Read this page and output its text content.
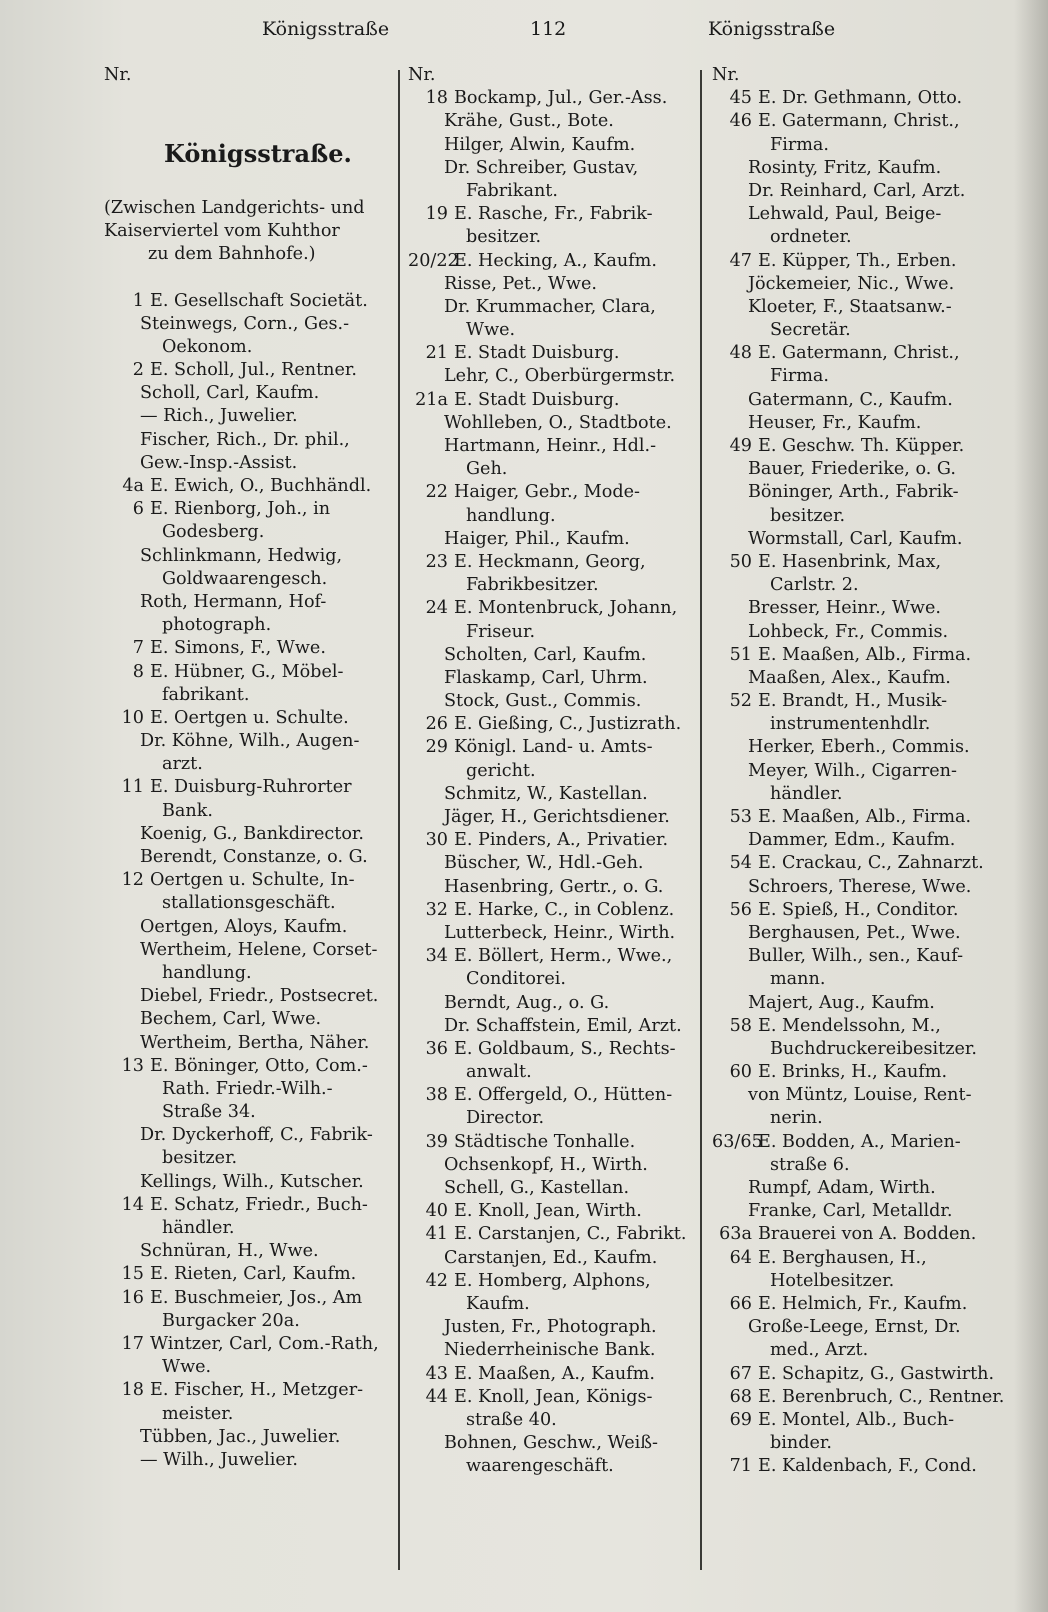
Königsstraße	112	Königsstraße
Nr.
Königsstraße.
(Zwischen Landgerichts- und
Kaiserviertel vom Kuhthor
zu dem Bahnhofe.)
1 E. Gesellschaft Societät.
Steinwegs, Corn., Ges.-
Oekonom.
2 E. Scholl, Jul., Rentner.
Scholl, Carl, Kaufm.
— Rich., Juwelier.
Fischer, Rich., Dr. phil.,
Gew.-Insp.-Assist.
4a E. Ewich, O., Buchhändl.
6 E. Rienborg, Joh., in
Godesberg.
Schlinkmann, Hedwig,
Goldwaarengesch.
Roth, Hermann, Hof-
photograph.
7 E. Simons, F., Wwe.
8 E. Hübner, G., Möbel-
fabrikant.
10 E. Oertgen u. Schulte.
Dr. Köhne, Wilh., Augen-
arzt.
11 E. Duisburg-Ruhrorter
Bank.
Koenig, G., Bankdirector.
Berendt, Constanze, o. G.
12 Oertgen u. Schulte, In-
stallationsgeschäft.
Oertgen, Aloys, Kaufm.
Wertheim, Helene, Corset-
handlung.
Diebel, Friedr., Postsecret.
Bechem, Carl, Wwe.
Wertheim, Bertha, Näher.
13 E. Böninger, Otto, Com.-
Rath. Friedr.-Wilh.-
Straße 34.
Dr. Dyckerhoff, C., Fabrik-
besitzer.
Kellings, Wilh., Kutscher.
14 E. Schatz, Friedr., Buch-
händler.
Schnüran, H., Wwe.
15 E. Rieten, Carl, Kaufm.
16 E. Buschmeier, Jos., Am
Burgacker 20a.
17 Wintzer, Carl, Com.-Rath,
Wwe.
18 E. Fischer, H., Metzger-
meister.
Tübben, Jac., Juwelier.
— Wilh., Juwelier.
Nr.
18 Bockamp, Jul., Ger.-Ass.
Krähe, Gust., Bote.
Hilger, Alwin, Kaufm.
Dr. Schreiber, Gustav,
Fabrikant.
19 E. Rasche, Fr., Fabrik-
besitzer.
20/22E. Hecking, A., Kaufm.
Risse, Pet., Wwe.
Dr. Krummacher, Clara,
Wwe.
21 E. Stadt Duisburg.
Lehr, C., Oberbürgermstr.
21a E. Stadt Duisburg.
Wohlleben, O., Stadtbote.
Hartmann, Heinr., Hdl.-
Geh.
22 Haiger, Gebr., Mode-
handlung.
Haiger, Phil., Kaufm.
23 E. Heckmann, Georg,
Fabrikbesitzer.
24 E. Montenbruck, Johann,
Friseur.
Scholten, Carl, Kaufm.
Flaskamp, Carl, Uhrm.
Stock, Gust., Commis.
26 E. Gießing, C., Justizrath.
29 Königl. Land- u. Amts-
gericht.
Schmitz, W., Kastellan.
Jäger, H., Gerichtsdiener.
30 E. Pinders, A., Privatier.
Büscher, W., Hdl.-Geh.
Hasenbring, Gertr., o. G.
32 E. Harke, C., in Coblenz.
Lutterbeck, Heinr., Wirth.
34 E. Böllert, Herm., Wwe.,
Conditorei.
Berndt, Aug., o. G.
Dr. Schaffstein, Emil, Arzt.
36 E. Goldbaum, S., Rechts-
anwalt.
38 E. Offergeld, O., Hütten-
Director.
39 Städtische Tonhalle.
Ochsenkopf, H., Wirth.
Schell, G., Kastellan.
40 E. Knoll, Jean, Wirth.
41 E. Carstanjen, C., Fabrikt.
Carstanjen, Ed., Kaufm.
42 E. Homberg, Alphons,
Kaufm.
Justen, Fr., Photograph.
Niederrheinische Bank.
43 E. Maaßen, A., Kaufm.
44 E. Knoll, Jean, Königs-
straße 40.
Bohnen, Geschw., Weiß-
waarengeschäft.
Nr.
45 E. Dr. Gethmann, Otto.
46 E. Gatermann, Christ.,
Firma.
Rosinty, Fritz, Kaufm.
Dr. Reinhard, Carl, Arzt.
Lehwald, Paul, Beige-
ordneter.
47 E. Küpper, Th., Erben.
Jöckemeier, Nic., Wwe.
Kloeter, F., Staatsanw.-
Secretär.
48 E. Gatermann, Christ.,
Firma.
Gatermann, C., Kaufm.
Heuser, Fr., Kaufm.
49 E. Geschw. Th. Küpper.
Bauer, Friederike, o. G.
Böninger, Arth., Fabrik-
besitzer.
Wormstall, Carl, Kaufm.
50 E. Hasenbrink, Max,
Carlstr. 2.
Bresser, Heinr., Wwe.
Lohbeck, Fr., Commis.
51 E. Maaßen, Alb., Firma.
Maaßen, Alex., Kaufm.
52 E. Brandt, H., Musik-
instrumentenhdlr.
Herker, Eberh., Commis.
Meyer, Wilh., Cigarren-
händler.
53 E. Maaßen, Alb., Firma.
Dammer, Edm., Kaufm.
54 E. Crackau, C., Zahnarzt.
Schroers, Therese, Wwe.
56 E. Spieß, H., Conditor.
Berghausen, Pet., Wwe.
Buller, Wilh., sen., Kauf-
mann.
Majert, Aug., Kaufm.
58 E. Mendelssohn, M.,
Buchdruckereibesitzer.
60 E. Brinks, H., Kaufm.
von Müntz, Louise, Rent-
nerin.
63/65E. Bodden, A., Marien-
straße 6.
Rumpf, Adam, Wirth.
Franke, Carl, Metalldr.
63a Brauerei von A. Bodden.
64 E. Berghausen, H.,
Hotelbesitzer.
66 E. Helmich, Fr., Kaufm.
Große-Leege, Ernst, Dr.
med., Arzt.
67 E. Schapitz, G., Gastwirth.
68 E. Berenbruch, C., Rentner.
69 E. Montel, Alb., Buch-
binder.
71 E. Kaldenbach, F., Cond.
